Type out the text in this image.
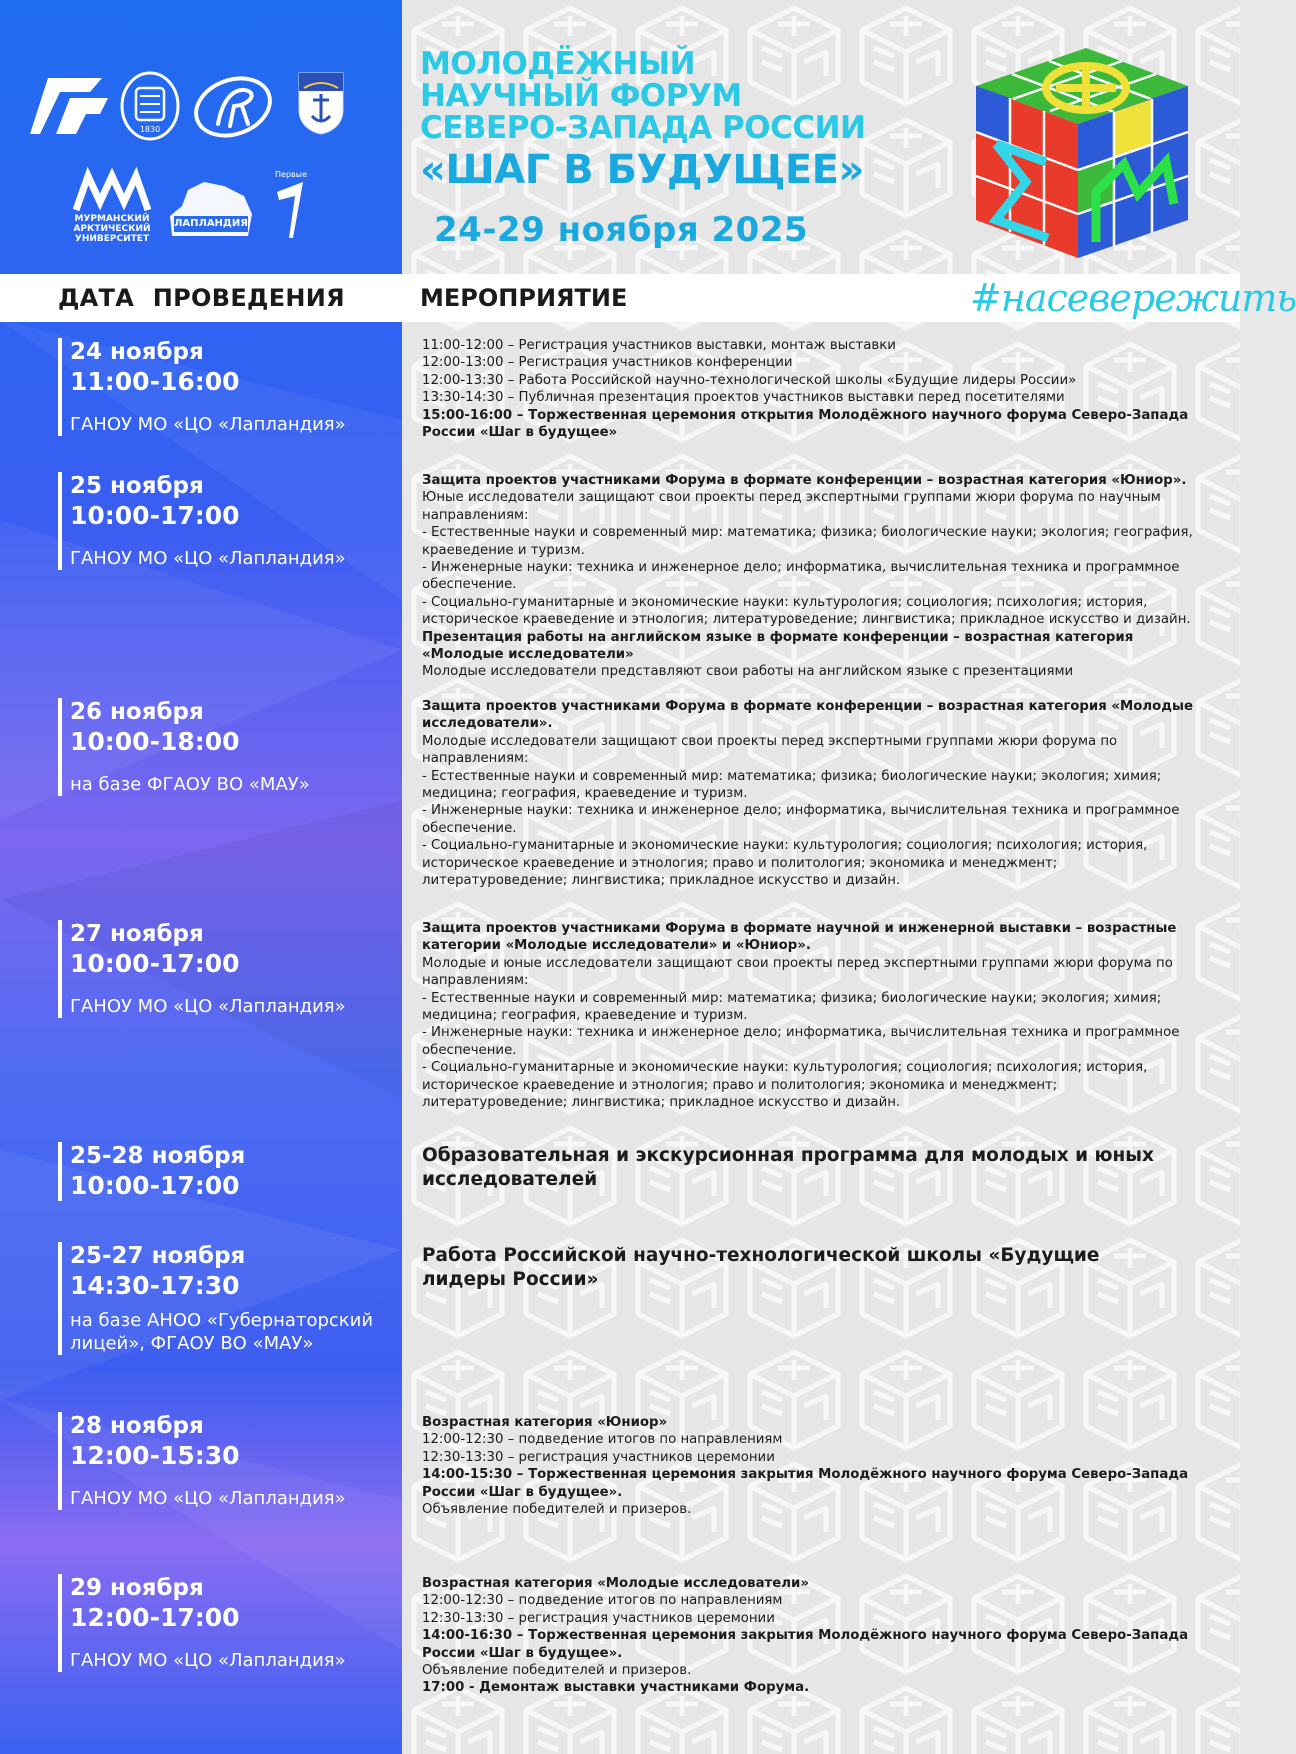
1830
МУРМАНСКИЙ
АРКТИЧЕСКИЙ
УНИВЕРСИТЕТ
ЛАПЛАНДИЯ
Первые
МОЛОДЁЖНЫЙ
НАУЧНЫЙ ФОРУМ
СЕВЕРО-ЗАПАДА РОССИИ
«ШАГ В БУДУЩЕЕ»
24-29 ноября 2025
ДАТА ПРОВЕДЕНИЯ	МЕРОПРИЯТИЕ	#насевережить
24 ноября
11:00-16:00
ГАНОУ МО «ЦО «Лапландия»
25 ноября
10:00-17:00
ГАНОУ МО «ЦО «Лапландия»
26 ноября
10:00-18:00
на базе ФГАОУ ВО «МАУ»
27 ноября
10:00-17:00
ГАНОУ МО «ЦО «Лапландия»
25-28 ноября
10:00-17:00
25-27 ноября
14:30-17:30
на базе АНОО «Губернаторский лицей», ФГАОУ ВО «МАУ»
28 ноября
12:00-15:30
ГАНОУ МО «ЦО «Лапландия»
29 ноября
12:00-17:00
ГАНОУ МО «ЦО «Лапландия»

11:00-12:00 – Регистрация участников выставки, монтаж выставки

12:00-13:00 – Регистрация участников конференции

12:00-13:30 – Работа Российской научно-технологической школы «Будущие лидеры России»

13:30-14:30 – Публичная презентация проектов участников выставки перед посетителями

15:00-16:00 – Торжественная церемония открытия Молодёжного научного форума Северо-Запада России «Шаг в будущее»

Защита проектов участниками Форума в формате конференции – возрастная категория «Юниор».

Юные исследователи защищают свои проекты перед экспертными группами жюри форума по научным направлениям:

- Естественные науки и современный мир: математика; физика; биологические науки; экология; география, краеведение и туризм.

- Инженерные науки: техника и инженерное дело; информатика, вычислительная техника и программное обеспечение.

- Социально-гуманитарные и экономические науки: культурология; социология; психология; история, историческое краеведение и этнология; литературоведение; лингвистика; прикладное искусство и дизайн.

Презентация работы на английском языке в формате конференции – возрастная категория «Молодые исследователи»

Молодые исследователи представляют свои работы на английском языке с презентациями

Защита проектов участниками Форума в формате конференции – возрастная категория «Молодые исследователи».

Молодые исследователи защищают свои проекты перед экспертными группами жюри форума по направлениям:

- Естественные науки и современный мир: математика; физика; биологические науки; экология; химия; медицина; география, краеведение и туризм.

- Инженерные науки: техника и инженерное дело; информатика, вычислительная техника и программное обеспечение.

- Социально-гуманитарные и экономические науки: культурология; социология; психология; история, историческое краеведение и этнология; право и политология; экономика и менеджмент; литературоведение; лингвистика; прикладное искусство и дизайн.

Защита проектов участниками Форума в формате научной и инженерной выставки – возрастные категории «Молодые исследователи» и «Юниор».

Молодые и юные исследователи защищают свои проекты перед экспертными группами жюри форума по направлениям:

- Естественные науки и современный мир: математика; физика; биологические науки; экология; химия; медицина; география, краеведение и туризм.

- Инженерные науки: техника и инженерное дело; информатика, вычислительная техника и программное обеспечение.

- Социально-гуманитарные и экономические науки: культурология; социология; психология; история, историческое краеведение и этнология; право и политология; экономика и менеджмент; литературоведение; лингвистика; прикладное искусство и дизайн.

Образовательная и экскурсионная программа для молодых и юных исследователей
Работа Российской научно-технологической школы «Будущие лидеры России»

Возрастная категория «Юниор»

12:00-12:30 – подведение итогов по направлениям

12:30-13:30 – регистрация участников церемонии

14:00-15:30 – Торжественная церемония закрытия Молодёжного научного форума Северо-Запада России «Шаг в будущее».

Объявление победителей и призеров.

Возрастная категория «Молодые исследователи»

12:00-12:30 – подведение итогов по направлениям

12:30-13:30 – регистрация участников церемонии

14:00-16:30 – Торжественная церемония закрытия Молодёжного научного форума Северо-Запада России «Шаг в будущее».

Объявление победителей и призеров.

17:00 - Демонтаж выставки участниками Форума.
